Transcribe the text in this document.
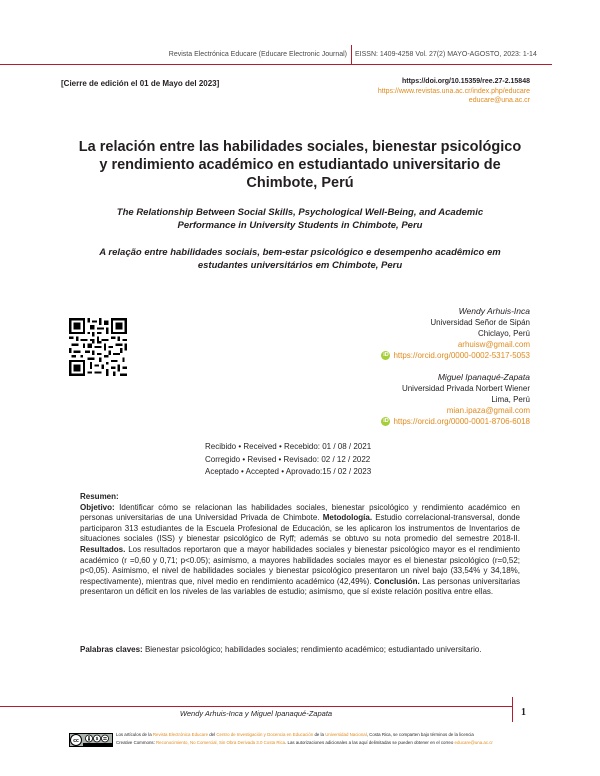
Revista Electrónica Educare (Educare Electronic Journal) EISSN: 1409-4258 Vol. 27(2) MAYO-AGOSTO, 2023: 1-14
[Cierre de edición el 01 de Mayo del 2023]	https://doi.org/10.15359/ree.27-2.15848
https://www.revistas.una.ac.cr/index.php/educare
educare@una.ac.cr
La relación entre las habilidades sociales, bienestar psicológico
y rendimiento académico en estudiantado universitario de
Chimbote, Perú
The Relationship Between Social Skills, Psychological Well-Being, and Academic
Performance in University Students in Chimbote, Peru
A relação entre habilidades sociais, bem-estar psicológico e desempenho acadêmico em
estudantes universitários em Chimbote, Peru
Wendy Arhuis-Inca
Universidad Señor de Sipán
Chiclayo, Perú
arhuisw@gmail.com
iD https://orcid.org/0000-0002-5317-5053
Miguel Ipanaqué-Zapata
Universidad Privada Norbert Wiener
Lima, Perú
mian.ipaza@gmail.com
iD https://orcid.org/0000-0001-8706-6018
Recibido • Received • Recebido: 01 / 08 / 2021
Corregido • Revised • Revisado: 02 / 12 / 2022
Aceptado • Accepted • Aprovado:15 / 02 / 2023
Resumen:
Objetivo: Identificar cómo se relacionan las habilidades sociales, bienestar psicológico y rendimiento académico en personas universitarias de una Universidad Privada de Chimbote. Metodología. Estudio correlacional-transversal, donde participaron 313 estudiantes de la Escuela Profesional de Educación, se les aplicaron los instrumentos de Inventarios de situaciones sociales (ISS) y bienestar psicológico de Ryff; además se obtuvo su nota promedio del semestre 2018-II. Resultados. Los resultados reportaron que a mayor habilidades sociales y bienestar psicológico mayor es el rendimiento académico (r =0,60 y 0,71; p<0.05); asimismo, a mayores habilidades sociales mayor es el bienestar psicológico (r=0,52; p<0,05). Asimismo, el nivel de habilidades sociales y bienestar psicológico presentaron un nivel bajo (33,54% y 34,18%, respectivamente), mientras que, nivel medio en rendimiento académico (42,49%). Conclusión. Las personas universitarias presentaron un déficit en los niveles de las variables de estudio; asimismo, que sí existe relación positiva entre ellas.
Palabras claves: Bienestar psicológico; habilidades sociales; rendimiento académico; estudiantado universitario.
Wendy Arhuis-Inca y Miguel Ipanaqué-Zapata	1
cc	$
Los artículos de la Revista Electrónica Educare del Centro de Investigación y Docencia en Educación de la Universidad Nacional, Costa Rica, se comparten bajo términos de la licencia
Creative Commons: Reconocimiento, No Comercial, Sin Obra Derivada 3.0 Costa Rica. Las autorizaciones adicionales a las aquí delimitadas se pueden obtener en el correo educare@una.ac.cr
